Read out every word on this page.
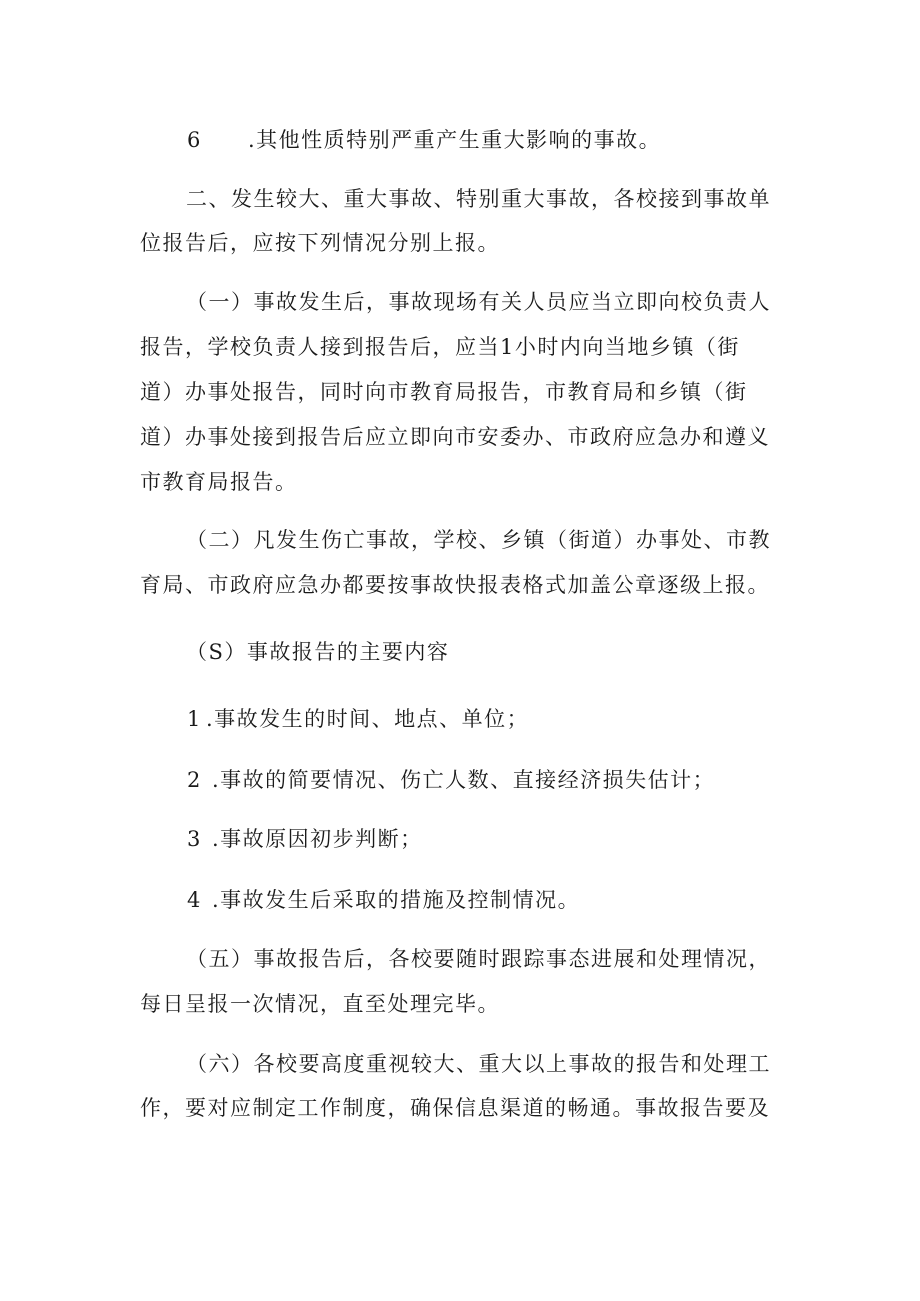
6 .其他性质特别严重产生重大影响的事故。
二、发生较大、重大事故、特别重大事故，各校接到事故单
位报告后，应按下列情况分别上报。
（一）事故发生后，事故现场有关人员应当立即向校负责人
报告，学校负责人接到报告后，应当1小时内向当地乡镇（街
道）办事处报告，同时向市教育局报告，市教育局和乡镇（街
道）办事处接到报告后应立即向市安委办、市政府应急办和遵义
市教育局报告。
（二）凡发生伤亡事故，学校、乡镇（街道）办事处、市教
育局、市政府应急办都要按事故快报表格式加盖公章逐级上报。
（S）事故报告的主要内容
1 .事故发生的时间、地点、单位；
2 .事故的简要情况、伤亡人数、直接经济损失估计；
3 .事故原因初步判断；
4 .事故发生后采取的措施及控制情况。
（五）事故报告后，各校要随时跟踪事态进展和处理情况，
每日呈报一次情况，直至处理完毕。
（六）各校要高度重视较大、重大以上事故的报告和处理工
作，要对应制定工作制度，确保信息渠道的畅通。事故报告要及
